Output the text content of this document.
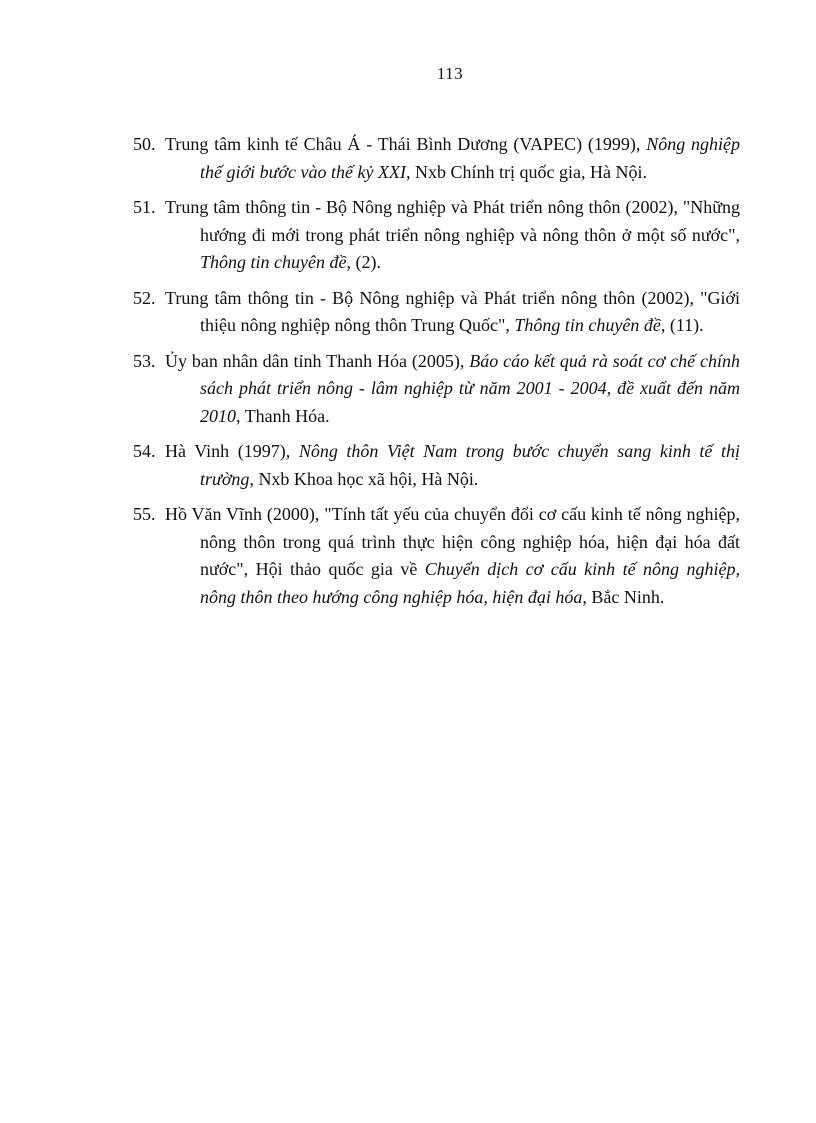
113
50. Trung tâm kinh tế Châu Á - Thái Bình Dương (VAPEC) (1999), Nông nghiệp thế giới bước vào thế kỷ XXI, Nxb Chính trị quốc gia, Hà Nội.
51. Trung tâm thông tin - Bộ Nông nghiệp và Phát triển nông thôn (2002), "Những hướng đi mới trong phát triển nông nghiệp và nông thôn ở một số nước", Thông tin chuyên đề, (2).
52. Trung tâm thông tin - Bộ Nông nghiệp và Phát triển nông thôn (2002), "Giới thiệu nông nghiệp nông thôn Trung Quốc", Thông tin chuyên đề, (11).
53. Ủy ban nhân dân tỉnh Thanh Hóa (2005), Báo cáo kết quả rà soát cơ chế chính sách phát triển nông - lâm nghiệp từ năm 2001 - 2004, đề xuất đến năm 2010, Thanh Hóa.
54. Hà Vinh (1997), Nông thôn Việt Nam trong bước chuyển sang kinh tế thị trường, Nxb Khoa học xã hội, Hà Nội.
55. Hồ Văn Vĩnh (2000), "Tính tất yếu của chuyển đổi cơ cấu kinh tế nông nghiệp, nông thôn trong quá trình thực hiện công nghiệp hóa, hiện đại hóa đất nước", Hội thảo quốc gia về Chuyển dịch cơ cấu kinh tế nông nghiệp, nông thôn theo hướng công nghiệp hóa, hiện đại hóa, Bắc Ninh.
